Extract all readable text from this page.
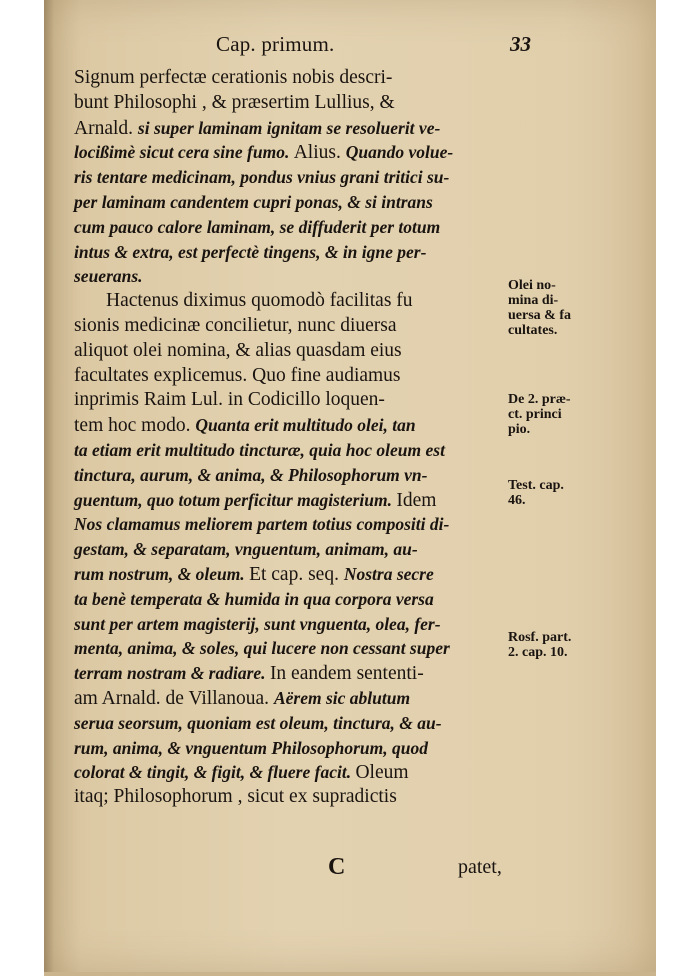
Cap. primum.	33
Signum perfectæ cerationis nobis descri-
bunt Philosophi , & præsertim Lullius, &
Arnald. si super laminam ignitam se resoluerit ve-
locißimè sicut cera sine fumo. Alius. Quando volue-
ris tentare medicinam, pondus vnius grani tritici su-
per laminam candentem cupri ponas, & si intrans
cum pauco calore laminam, se diffuderit per totum
intus & extra, est perfectè tingens, & in igne per-
seuerans.
Hactenus diximus quomodò facilitas fu
sionis medicinæ concilietur, nunc diuersa
aliquot olei nomina, & alias quasdam eius
facultates explicemus. Quo fine audiamus
inprimis Raim Lul. in Codicillo loquen-
tem hoc modo. Quanta erit multitudo olei, tan
ta etiam erit multitudo tincturæ, quia hoc oleum est
tinctura, aurum, & anima, & Philosophorum vn-
guentum, quo totum perficitur magisterium. Idem
Nos clamamus meliorem partem totius compositi di-
gestam, & separatam, vnguentum, animam, au-
rum nostrum, & oleum. Et cap. seq. Nostra secre
ta benè temperata & humida in qua corpora versa
sunt per artem magisterij, sunt vnguenta, olea, fer-
menta, anima, & soles, qui lucere non cessant super
terram nostram & radiare. In eandem sententi-
am Arnald. de Villanoua. Aërem sic ablutum
serua seorsum, quoniam est oleum, tinctura, & au-
rum, anima, & vnguentum Philosophorum, quod
colorat & tingit, & figit, & fluere facit. Oleum
itaq; Philosophorum , sicut ex supradictis
Olei no-
mina di-
uersa & fa
cultates.
De 2. præ-
ct. princi
pio.
Test. cap.
46.
Rosf. part.
2. cap. 10.
C	patet,
